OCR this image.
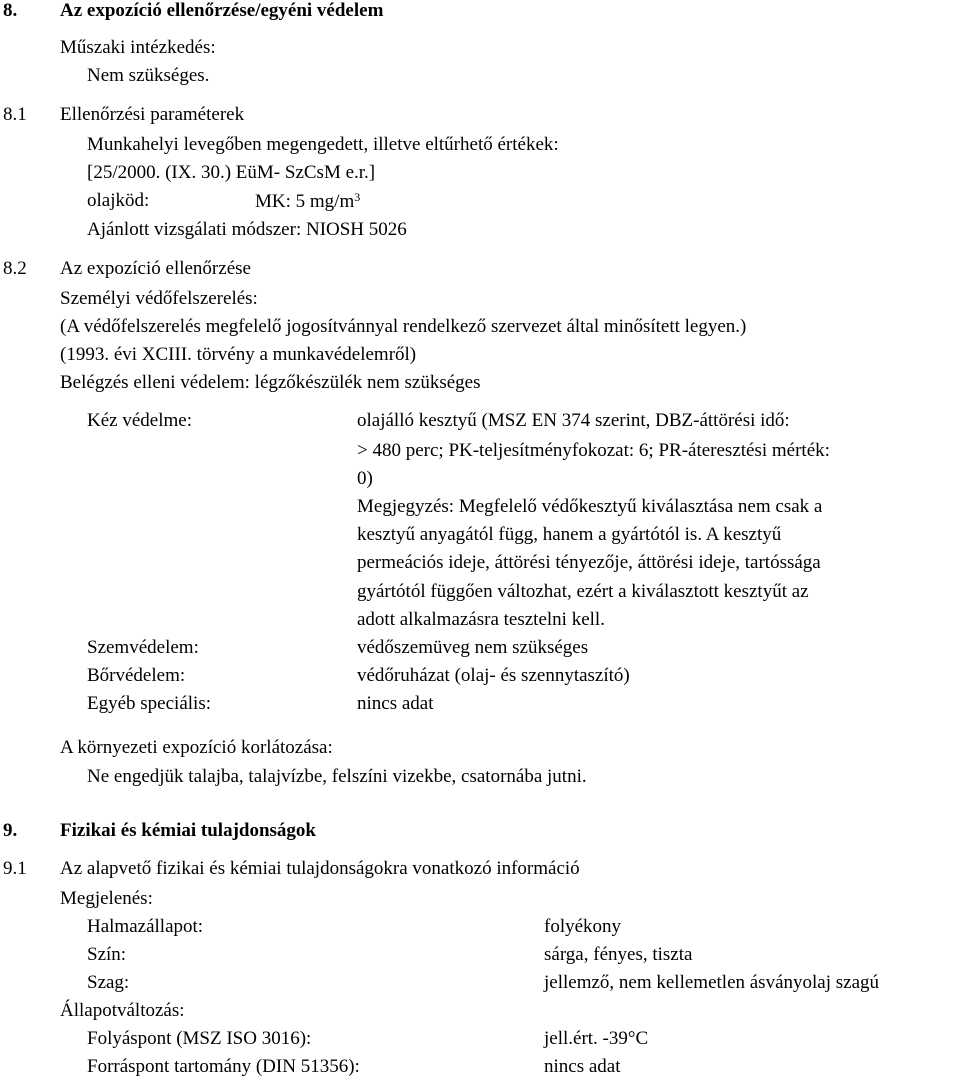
8. Az expozíció ellenőrzése/egyéni védelem
Műszaki intézkedés:
Nem szükséges.
8.1 Ellenőrzési paraméterek
Munkahelyi levegőben megengedett, illetve eltűrhető értékek:
[25/2000. (IX. 30.) EüM- SzCsM e.r.]
olajköd:	MK: 5 $mg/m^3$
Ajánlott vizsgálati módszer: NIOSH 5026
8.2 Az expozíció ellenőrzése
Személyi védőfelszerelés:
(A védőfelszerelés megfelelő jogosítvánnyal rendelkező szervezet által minősített legyen.)
(1993. évi XCIII. törvény a munkavédelemről)
Belégzés elleni védelem: légzőkészülék nem szükséges
Kéz védelme:	olajálló kesztyű (MSZ EN 374 szerint, DBZ-áttörési idő:
> 480 perc; PK-teljesítményfokozat: 6; PR-áteresztési mérték:
0)
Megjegyzés: Megfelelő védőkesztyű kiválasztása nem csak a
kesztyű anyagától függ, hanem a gyártótól is. A kesztyű
permeációs ideje, áttörési tényezője, áttörési ideje, tartóssága
gyártótól függően változhat, ezért a kiválasztott kesztyűt az
adott alkalmazásra tesztelni kell.
Szemvédelem:	védőszemüveg nem szükséges
Bőrvédelem:	védőruházat (olaj- és szennytaszító)
Egyéb speciális:	nincs adat
A környezeti expozíció korlátozása:
Ne engedjük talajba, talajvízbe, felszíni vizekbe, csatornába jutni.
9. Fizikai és kémiai tulajdonságok
9.1 Az alapvető fizikai és kémiai tulajdonságokra vonatkozó információ
Megjelenés:
Halmazállapot:	folyékony
Szín:	sárga, fényes, tiszta
Szag:	jellemző, nem kellemetlen ásványolaj szagú
Állapotváltozás:
Folyáspont (MSZ ISO 3016):	jell.ért. -39°C
Forráspont tartomány (DIN 51356):	nincs adat
